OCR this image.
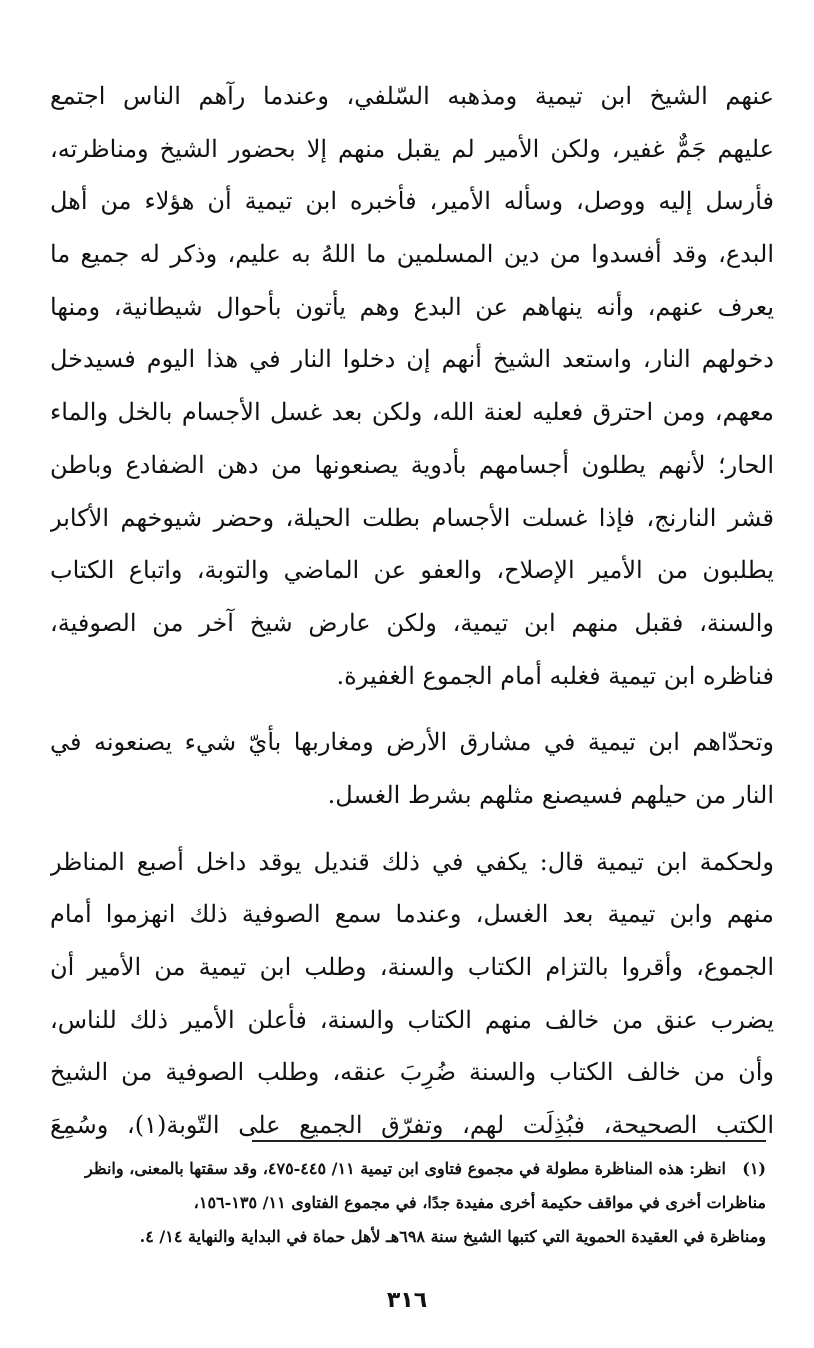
عنهم الشيخ ابن تيمية ومذهبه السّلفي، وعندما رآهم الناس اجتمع
عليهم جَمٌّ غفير، ولكن الأمير لم يقبل منهم إلا بحضور الشيخ ومناظرته،
فأرسل إليه ووصل، وسأله الأمير، فأخبره ابن تيمية أن هؤلاء من أهل
البدع، وقد أفسدوا من دين المسلمين ما اللهُ به عليم، وذكر له جميع ما
يعرف عنهم، وأنه ينهاهم عن البدع وهم يأتون بأحوال شيطانية، ومنها
دخولهم النار، واستعد الشيخ أنهم إن دخلوا النار في هذا اليوم فسيدخل
معهم، ومن احترق فعليه لعنة الله، ولكن بعد غسل الأجسام بالخل والماء
الحار؛ لأنهم يطلون أجسامهم بأدوية يصنعونها من دهن الضفادع وباطن
قشر النارنج، فإذا غسلت الأجسام بطلت الحيلة، وحضر شيوخهم الأكابر
يطلبون من الأمير الإصلاح، والعفو عن الماضي والتوبة، واتباع الكتاب
والسنة، فقبل منهم ابن تيمية، ولكن عارض شيخ آخر من الصوفية،
فناظره ابن تيمية فغلبه أمام الجموع الغفيرة.
وتحدّاهم ابن تيمية في مشارق الأرض ومغاربها بأيّ شيء يصنعونه في
النار من حيلهم فسيصنع مثلهم بشرط الغسل.
ولحكمة ابن تيمية قال: يكفي في ذلك قنديل يوقد داخل أصبع المناظر
منهم وابن تيمية بعد الغسل، وعندما سمع الصوفية ذلك انهزموا أمام
الجموع، وأقروا بالتزام الكتاب والسنة، وطلب ابن تيمية من الأمير أن
يضرب عنق من خالف منهم الكتاب والسنة، فأعلن الأمير ذلك للناس،
وأن من خالف الكتاب والسنة ضُرِبَ عنقه، وطلب الصوفية من الشيخ
الكتب الصحيحة، فبُذِلَت لهم، وتفرّق الجميع على التّوبة(١)، وسُمِعَ
(١)انظر: هذه المناظرة مطولة في مجموع فتاوى ابن تيمية ١١/ ٤٤٥-٤٧٥، وقد سقتها بالمعنى، وانظر
مناظرات أخرى في مواقف حكيمة أخرى مفيدة جدًا، في مجموع الفتاوى ١١/ ١٣٥-١٥٦،
ومناظرة في العقيدة الحموية التي كتبها الشيخ سنة ٦٩٨هـ لأهل حماة في البداية والنهاية ١٤/ ٤.
٣١٦
